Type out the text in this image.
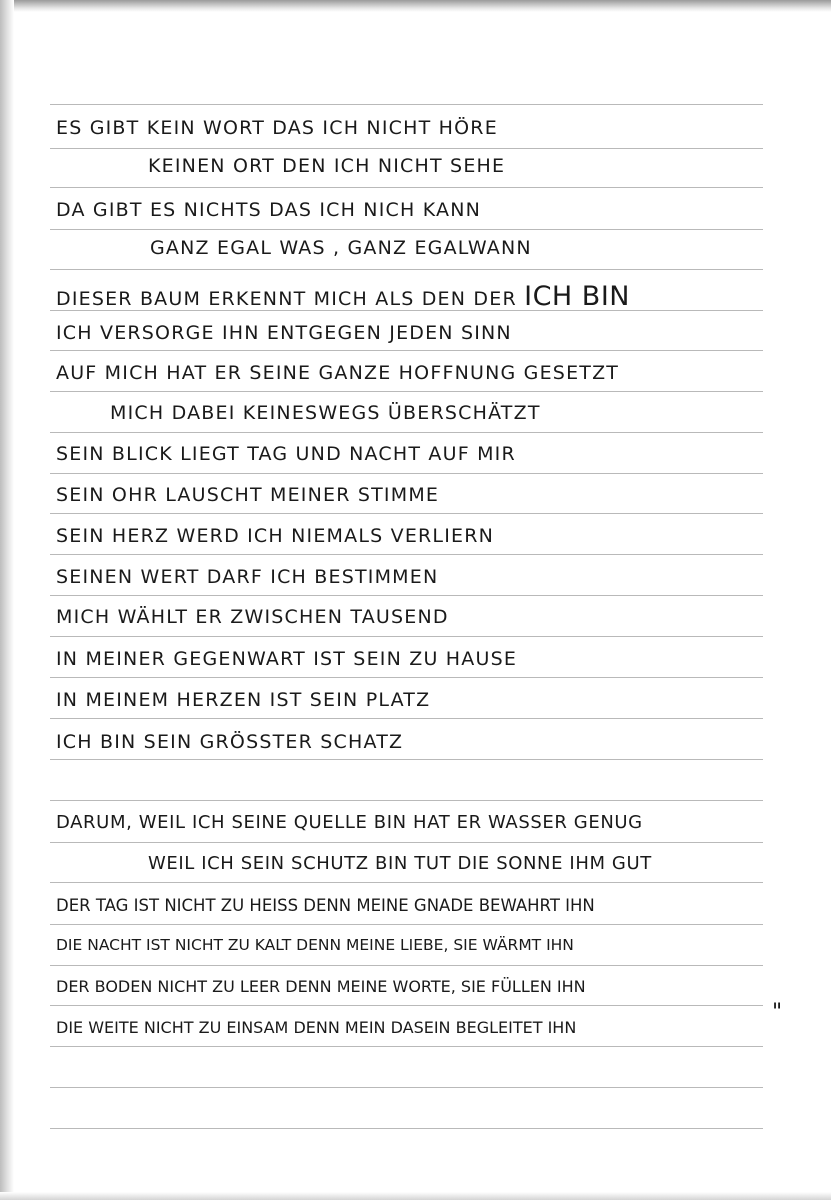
ES GIBT KEIN WORT DAS ICH NICHT HÖRE
KEINEN ORT DEN ICH NICHT SEHE
DA GIBT ES NICHTS DAS ICH NICH KANN
GANZ EGAL WAS , GANZ EGALWANN
DIESER BAUM ERKENNT MICH ALS DEN DER ICH BIN
ICH VERSORGE IHN ENTGEGEN JEDEN SINN
AUF MICH HAT ER SEINE GANZE HOFFNUNG GESETZT
MICH DABEI KEINESWEGS ÜBERSCHÄTZT
SEIN BLICK LIEGT TAG UND NACHT AUF MIR
SEIN OHR LAUSCHT MEINER STIMME
SEIN HERZ WERD ICH NIEMALS VERLIERN
SEINEN WERT DARF ICH BESTIMMEN
MICH WÄHLT ER ZWISCHEN TAUSEND
IN MEINER GEGENWART IST SEIN ZU HAUSE
IN MEINEM HERZEN IST SEIN PLATZ
ICH BIN SEIN GRÖSSTER SCHATZ
DARUM, WEIL ICH SEINE QUELLE BIN HAT ER WASSER GENUG
WEIL ICH SEIN SCHUTZ BIN TUT DIE SONNE IHM GUT
DER TAG IST NICHT ZU HEISS DENN MEINE GNADE BEWAHRT IHN
DIE NACHT IST NICHT ZU KALT DENN MEINE LIEBE, SIE WÄRMT IHN
DER BODEN NICHT ZU LEER DENN MEINE WORTE, SIE FÜLLEN IHN
DIE WEITE NICHT ZU EINSAM DENN MEIN DASEIN BEGLEITET IHN
"
